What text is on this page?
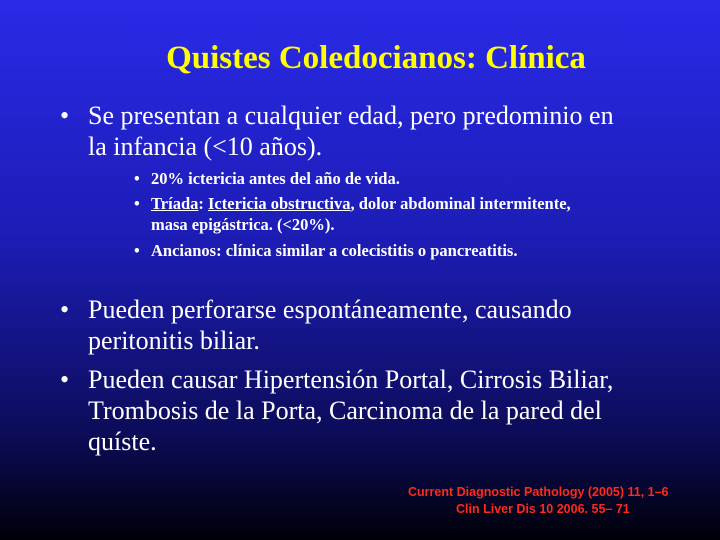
Quistes Coledocianos: Clínica
• Se presentan a cualquier edad, pero predominio en
la infancia (<10 años).
• 20% ictericia antes del año de vida.
• Tríada: Ictericia obstructiva, dolor abdominal intermitente,
masa epigástrica. (<20%).
• Ancianos: clínica similar a colecistitis o pancreatitis.
• Pueden perforarse espontáneamente, causando
peritonitis biliar.
• Pueden causar Hipertensión Portal, Cirrosis Biliar,
Trombosis de la Porta, Carcinoma de la pared del
quíste.
Current Diagnostic Pathology (2005) 11, 1–6
Clin Liver Dis 10 2006. 55– 71
